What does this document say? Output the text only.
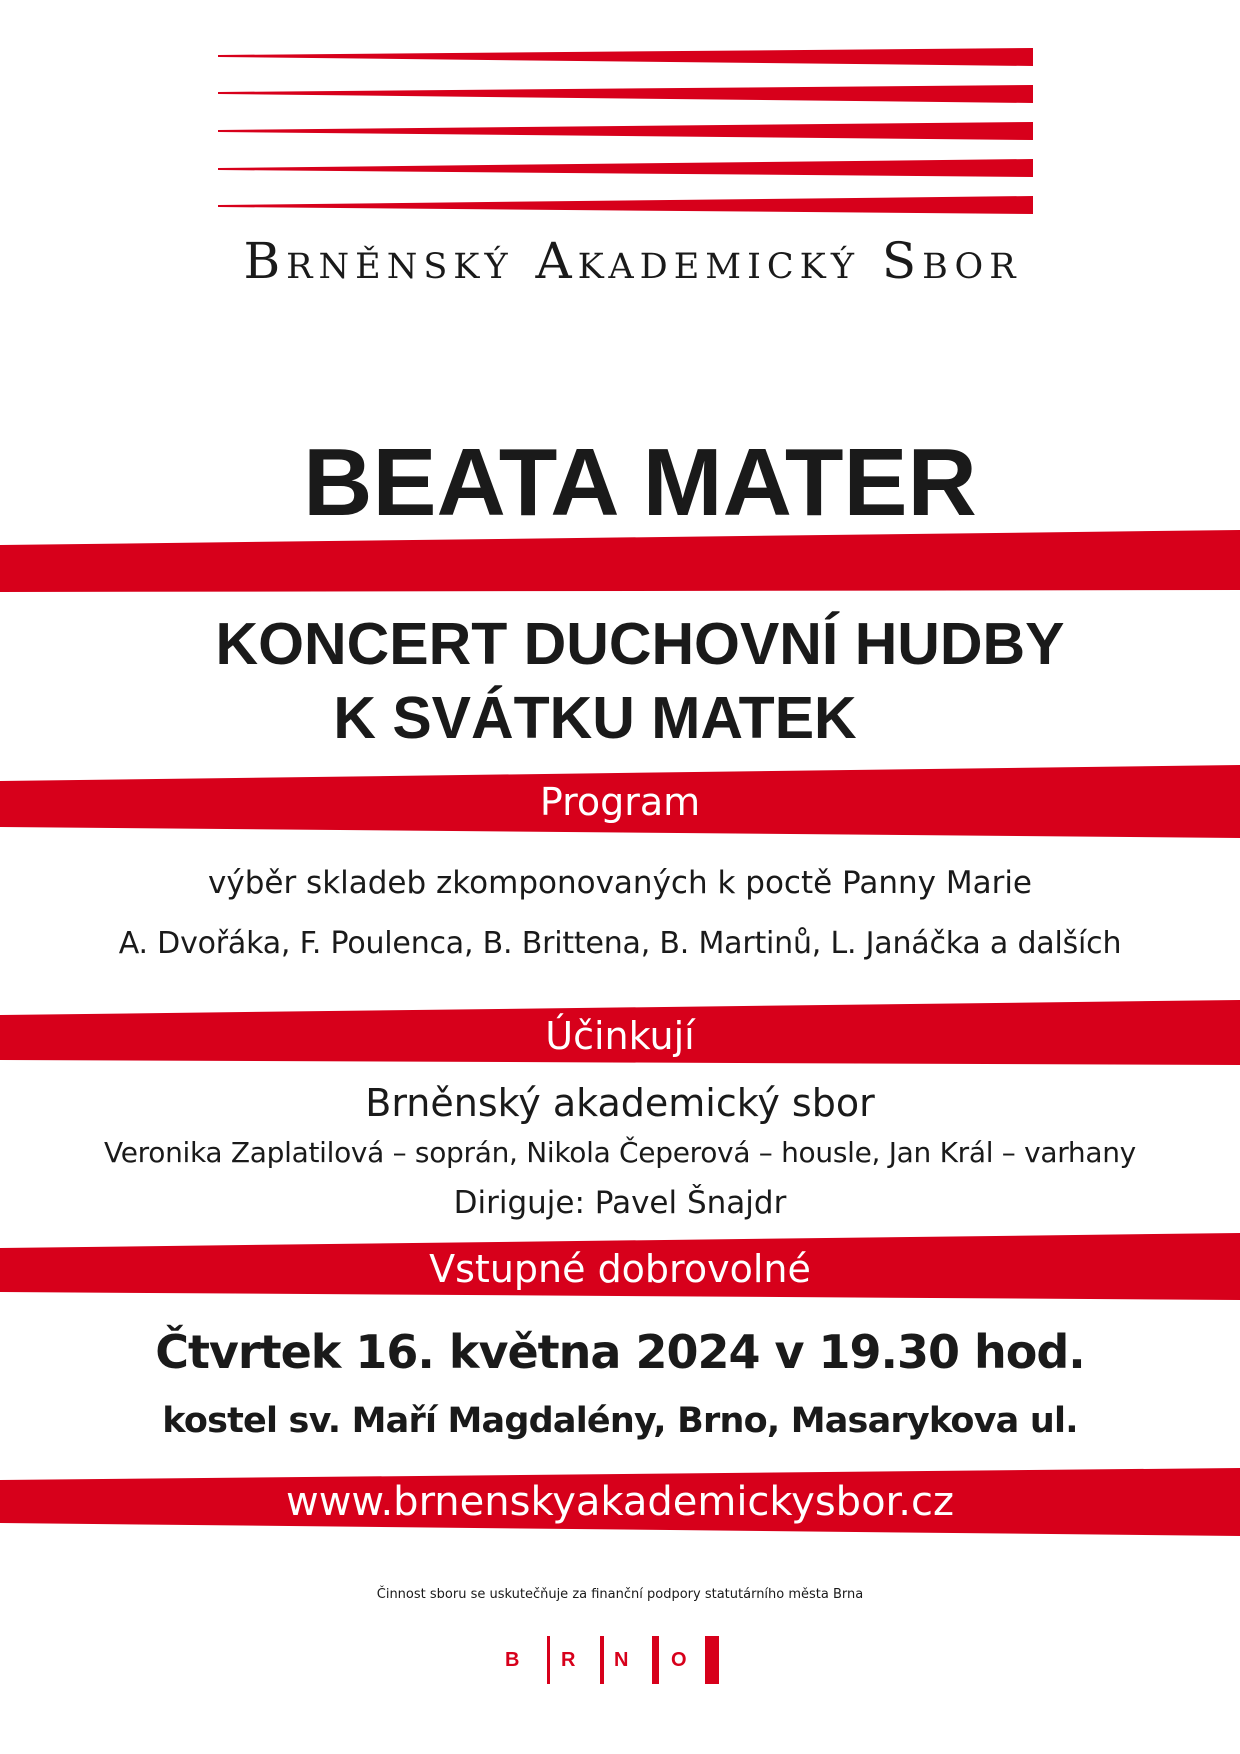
Brněnský Akademický Sbor
BEATA MATER
KONCERT DUCHOVNÍ HUDBY
K SVÁTKU MATEK
Program
výběr skladeb zkomponovaných k poctě Panny Marie
A. Dvořáka, F. Poulenca, B. Brittena, B. Martinů, L. Janáčka a dalších
Účinkují
Brněnský akademický sbor
Veronika Zaplatilová – soprán, Nikola Čeperová – housle, Jan Král – varhany
Diriguje: Pavel Šnajdr
Vstupné dobrovolné
Čtvrtek 16. května 2024 v 19.30 hod.
kostel sv. Maří Magdalény, Brno, Masarykova ul.
www.brnenskyakademickysbor.cz
Činnost sboru se uskutečňuje za finanční podpory statutárního města Brna
B R N O
